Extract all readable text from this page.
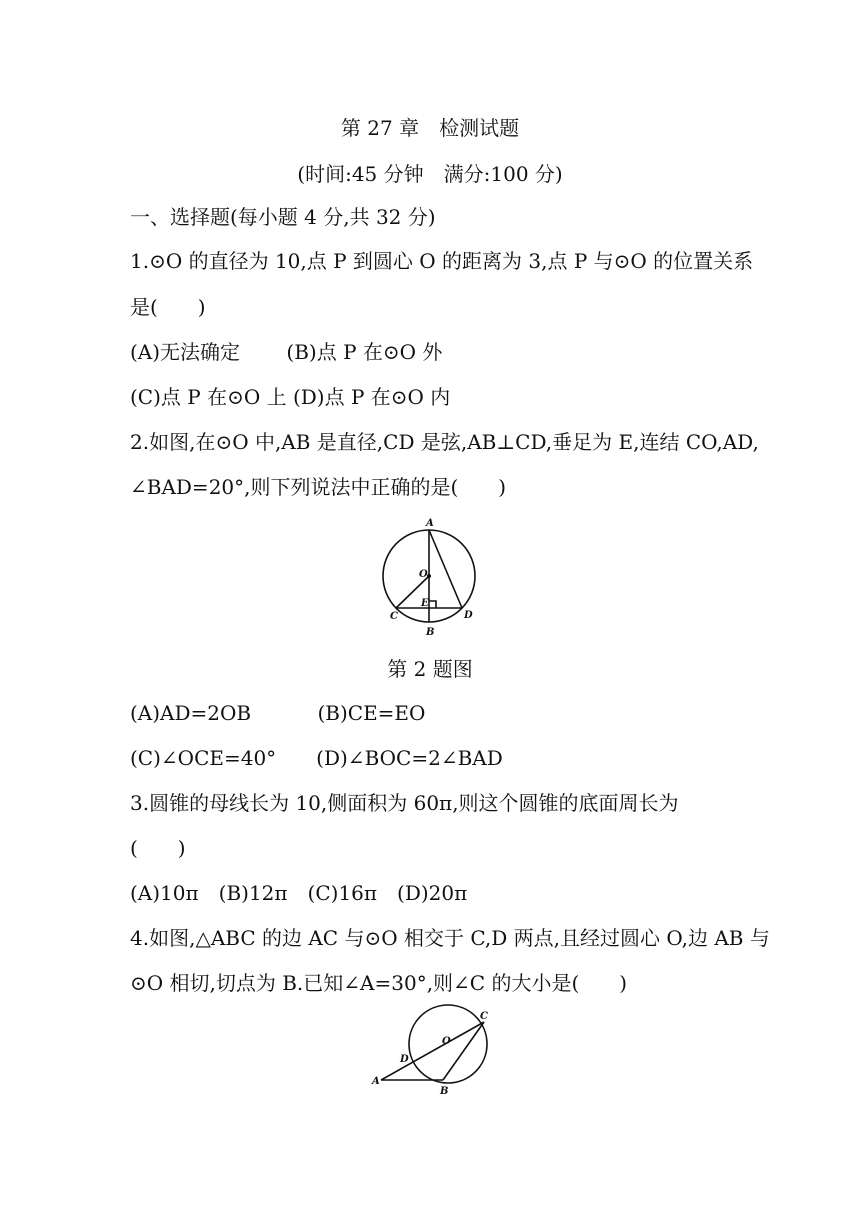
第 27 章　检测试题
(时间:45 分钟　满分:100 分)
一、选择题(每小题 4 分,共 32 分)
1.⊙O 的直径为 10,点 P 到圆心 O 的距离为 3,点 P 与⊙O 的位置关系
是(　　)
(A)无法确定　　 (B)点 P 在⊙O 外
(C)点 P 在⊙O 上 (D)点 P 在⊙O 内
2.如图,在⊙O 中,AB 是直径,CD 是弦,AB⊥CD,垂足为 E,连结 CO,AD,
∠BAD=20°,则下列说法中正确的是(　　)
A
O
E
C	D
B
第 2 题图
(A)AD=2OB　　　 (B)CE=EO
(C)∠OCE=40°　　(D)∠BOC=2∠BAD
3.圆锥的母线长为 10,侧面积为 60π,则这个圆锥的底面周长为
(　　)
(A)10π　(B)12π　(C)16π　(D)20π
4.如图,△ABC 的边 AC 与⊙O 相交于 C,D 两点,且经过圆心 O,边 AB 与
⊙O 相切,切点为 B.已知∠A=30°,则∠C 的大小是(　　)
A
B
C
D
O
